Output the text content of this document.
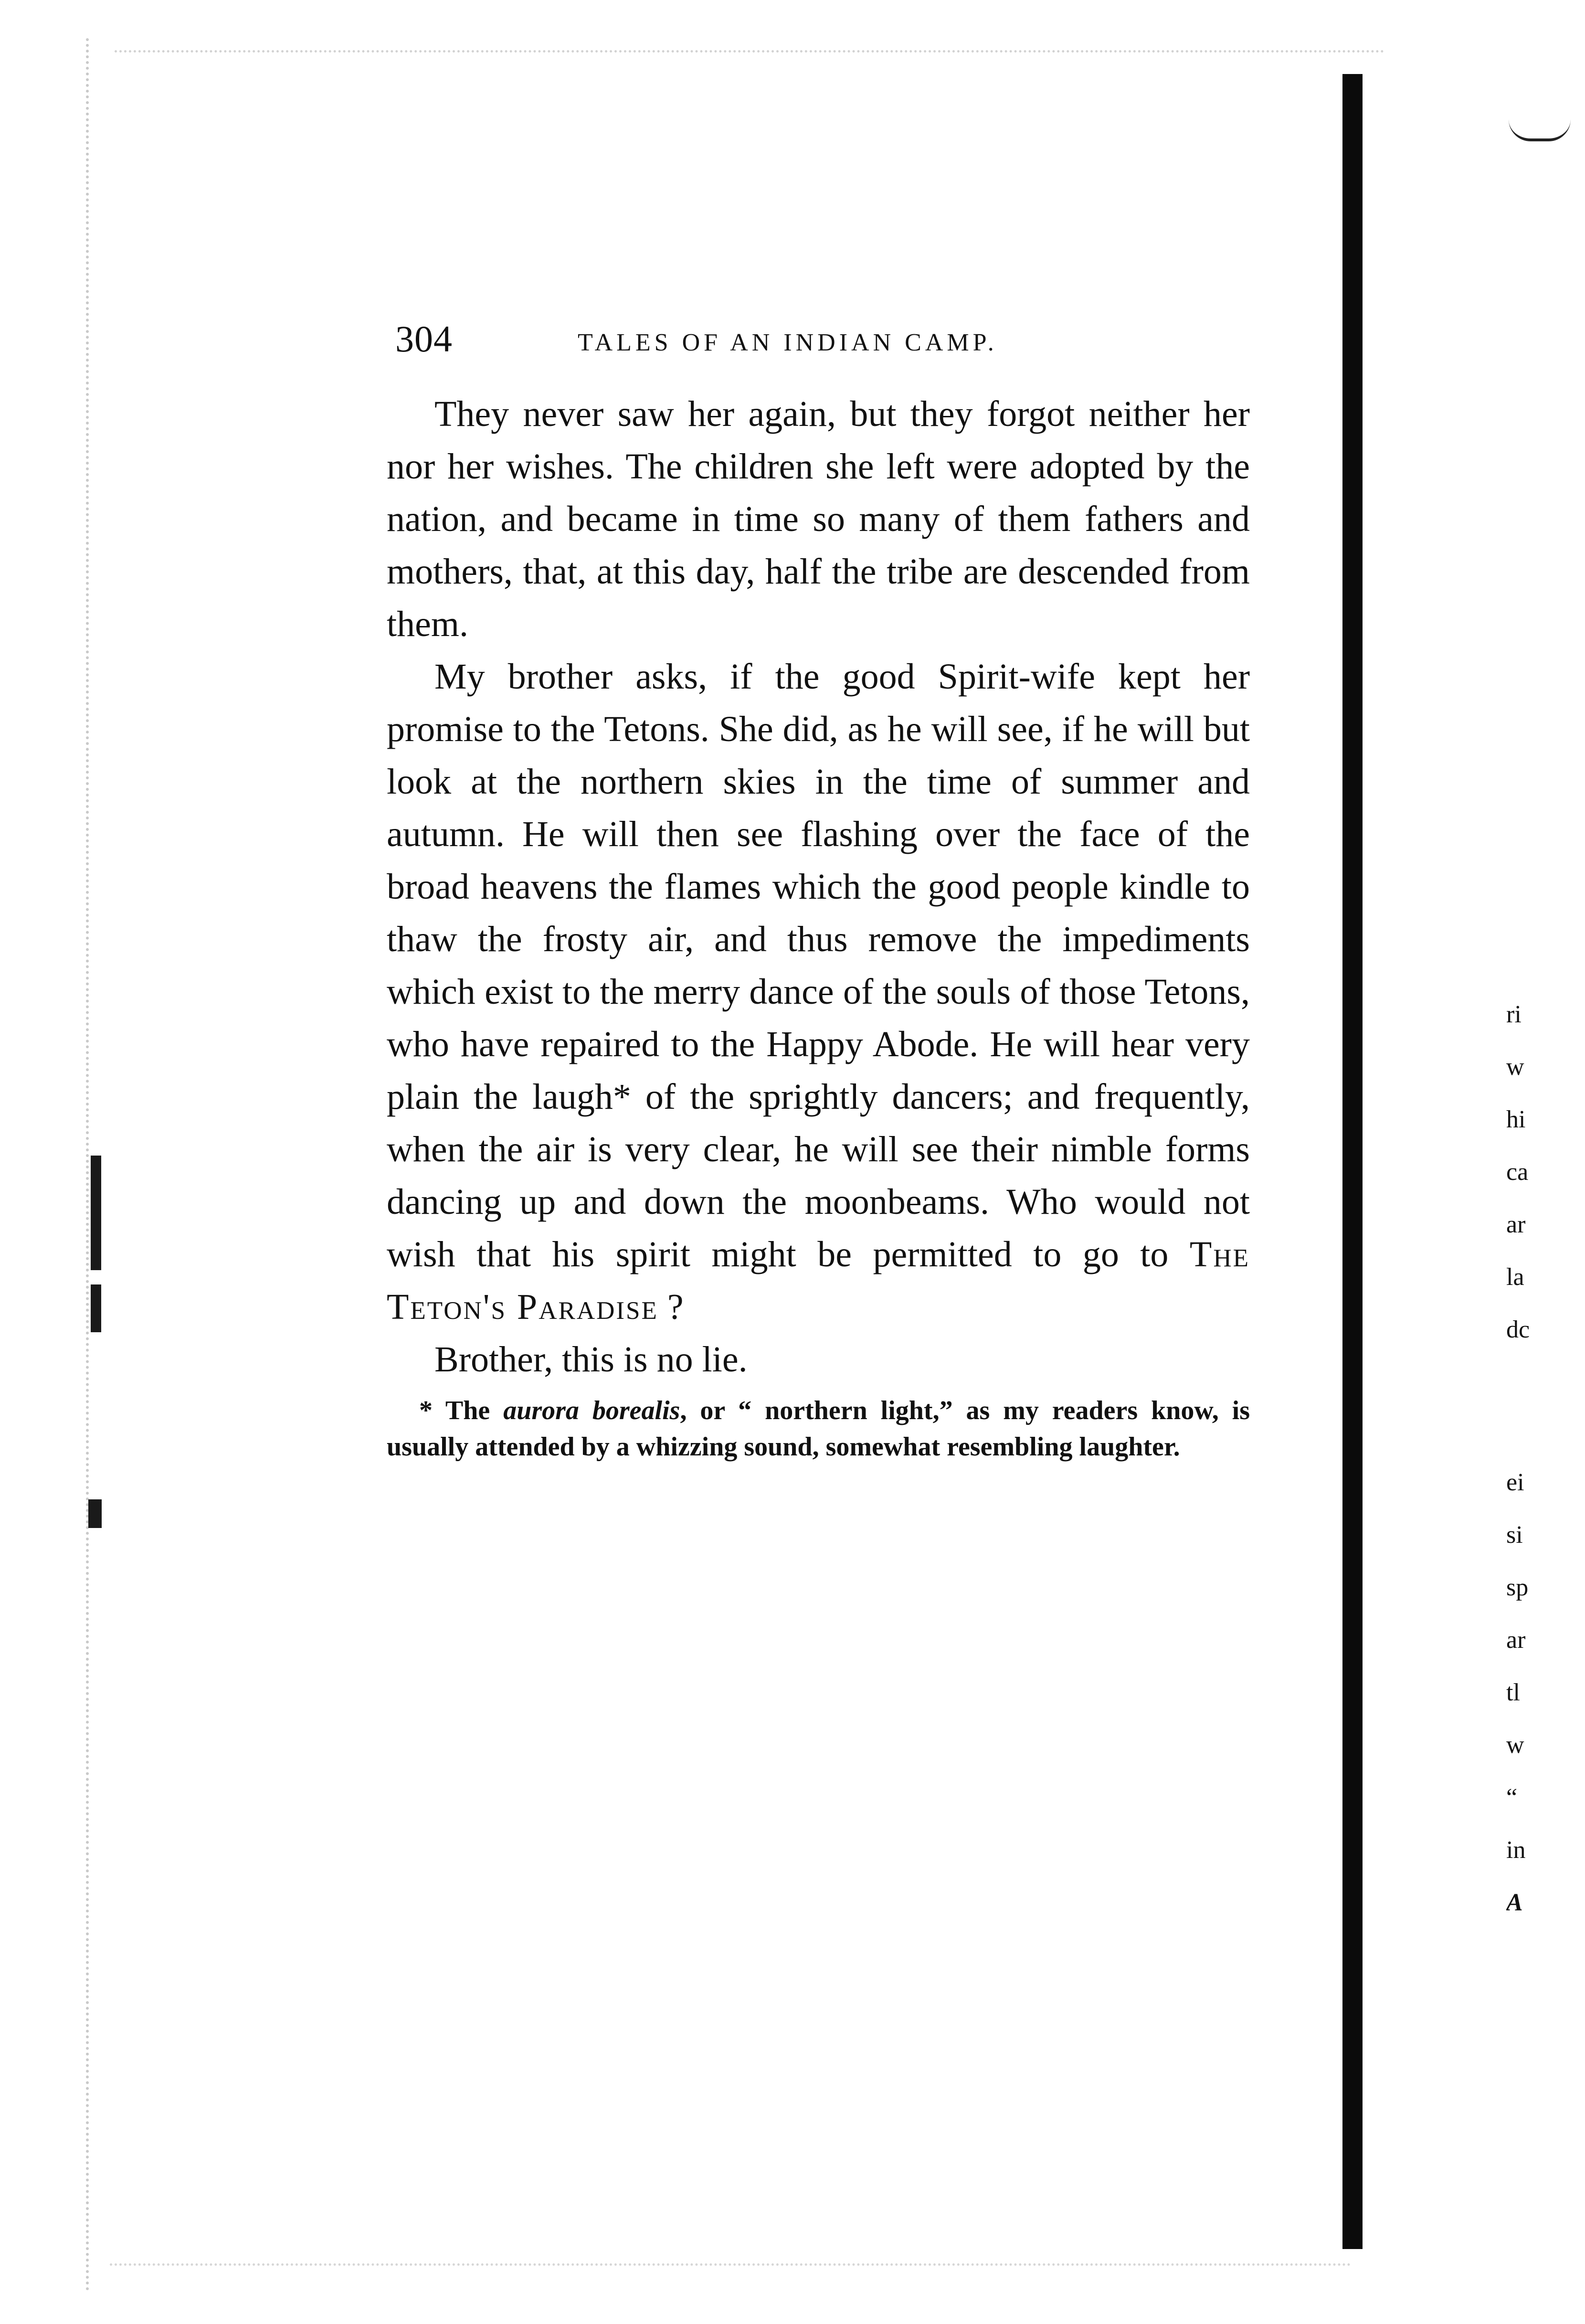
304	TALES OF AN INDIAN CAMP.

They never saw her again, but they forgot neither her nor her wishes. The children she left were adopted by the nation, and became in time so many of them fathers and mothers, that, at this day, half the tribe are descended from them.

My brother asks, if the good Spirit-wife kept her promise to the Tetons. She did, as he will see, if he will but look at the northern skies in the time of summer and autumn. He will then see flashing over the face of the broad heavens the flames which the good people kindle to thaw the frosty air, and thus remove the impediments which exist to the merry dance of the souls of those Tetons, who have repaired to the Happy Abode. He will hear very plain the laugh* of the sprightly dancers; and frequently, when the air is very clear, he will see their nimble forms dancing up and down the moonbeams. Who would not wish that his spirit might be permitted to go to The Teton's Paradise ?

Brother, this is no lie.

* The aurora borealis, or “ northern light,” as my readers know, is usually attended by a whizzing sound, somewhat resembling laughter.

ri
w
hi
ca
ar
la
dc
ei
si
sp
ar
tl
w
“
in
A
